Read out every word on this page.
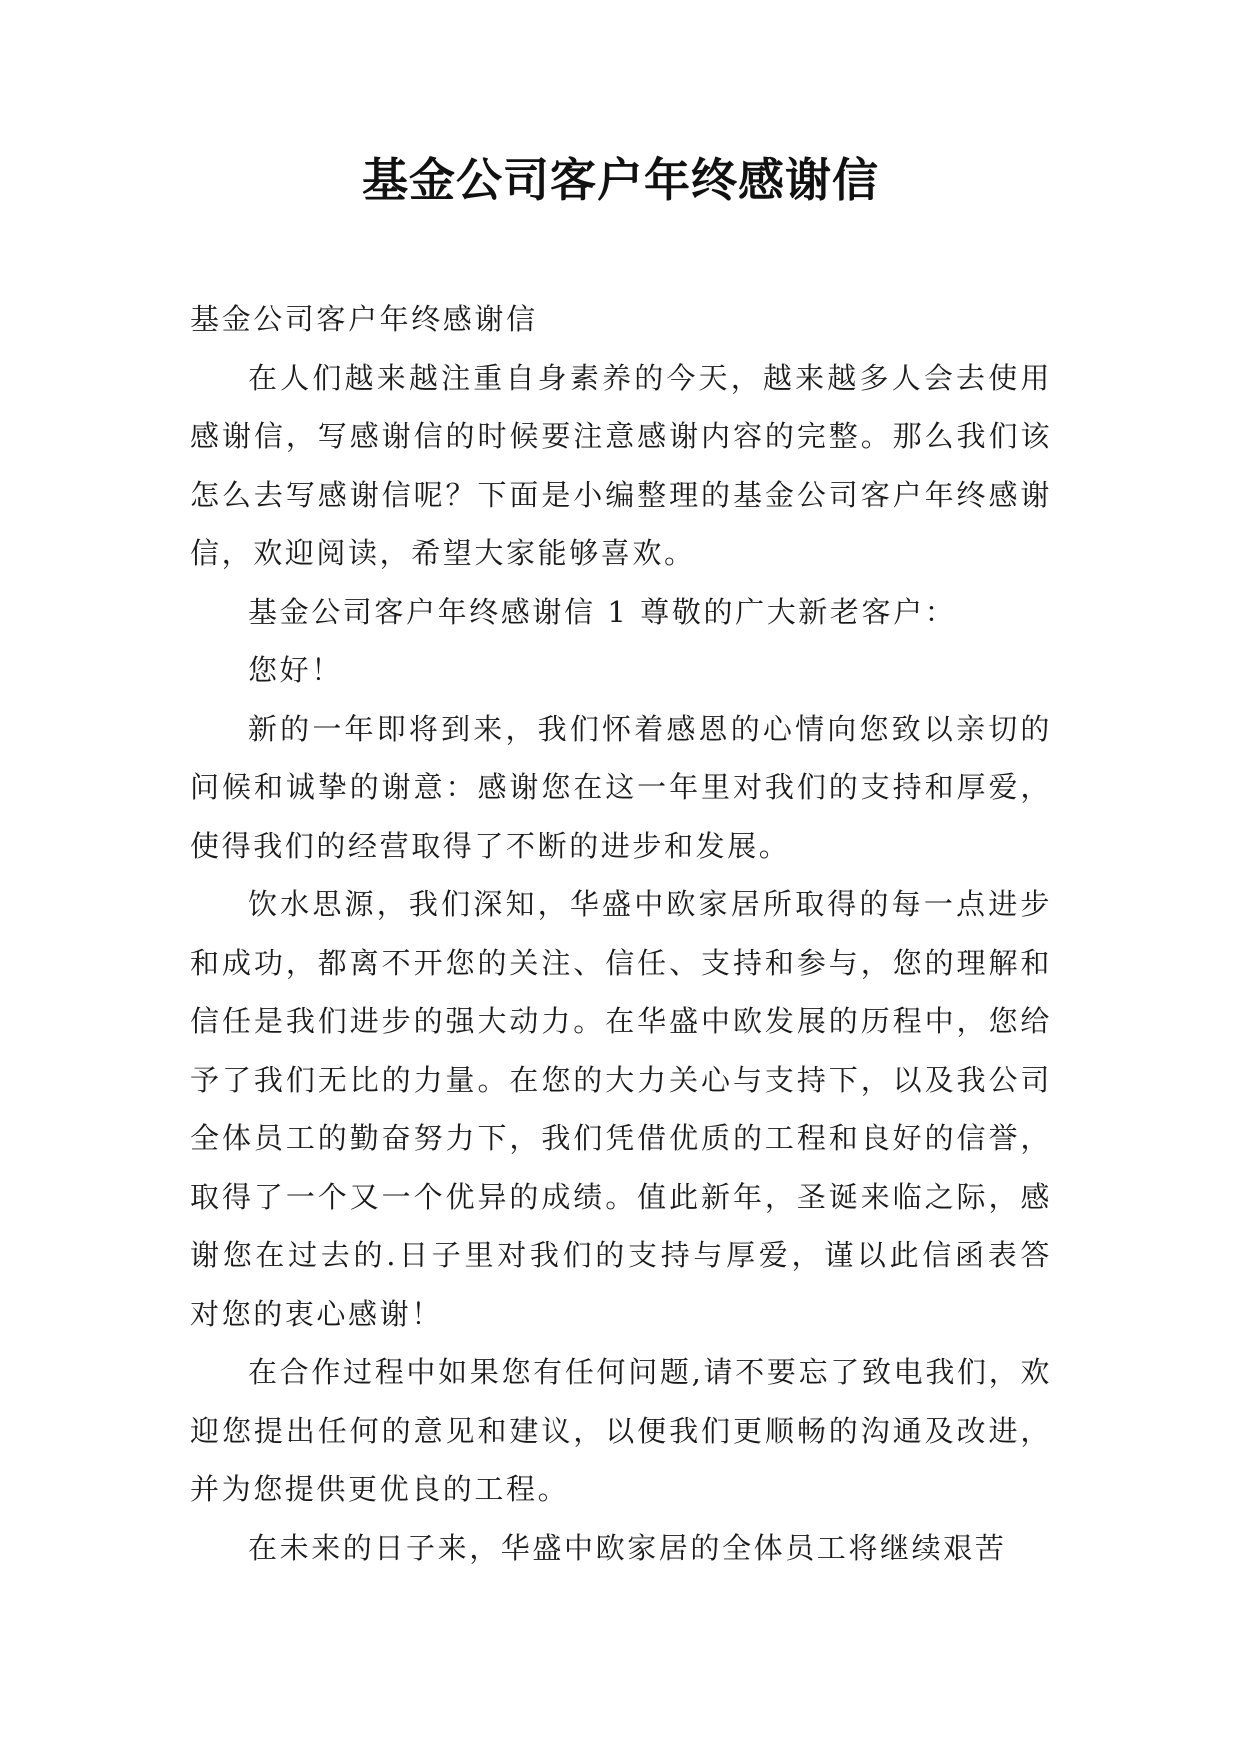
基金公司客户年终感谢信

基金公司客户年终感谢信

在人们越来越注重自身素养的今天，越来越多人会去使用感谢信，写感谢信的时候要注意感谢内容的完整。那么我们该怎么去写感谢信呢？下面是小编整理的基金公司客户年终感谢信，欢迎阅读，希望大家能够喜欢。

基金公司客户年终感谢信 1 尊敬的广大新老客户：

您好！

新的一年即将到来，我们怀着感恩的心情向您致以亲切的问候和诚挚的谢意：感谢您在这一年里对我们的支持和厚爱，使得我们的经营取得了不断的进步和发展。

饮水思源，我们深知，华盛中欧家居所取得的每一点进步和成功，都离不开您的关注、信任、支持和参与，您的理解和信任是我们进步的强大动力。在华盛中欧发展的历程中，您给予了我们无比的力量。在您的大力关心与支持下，以及我公司全体员工的勤奋努力下，我们凭借优质的工程和良好的信誉，取得了一个又一个优异的成绩。值此新年，圣诞来临之际，感谢您在过去的.日子里对我们的支持与厚爱，谨以此信函表答对您的衷心感谢！

在合作过程中如果您有任何问题,请不要忘了致电我们，欢迎您提出任何的意见和建议，以便我们更顺畅的沟通及改进，并为您提供更优良的工程。

在未来的日子来，华盛中欧家居的全体员工将继续艰苦
